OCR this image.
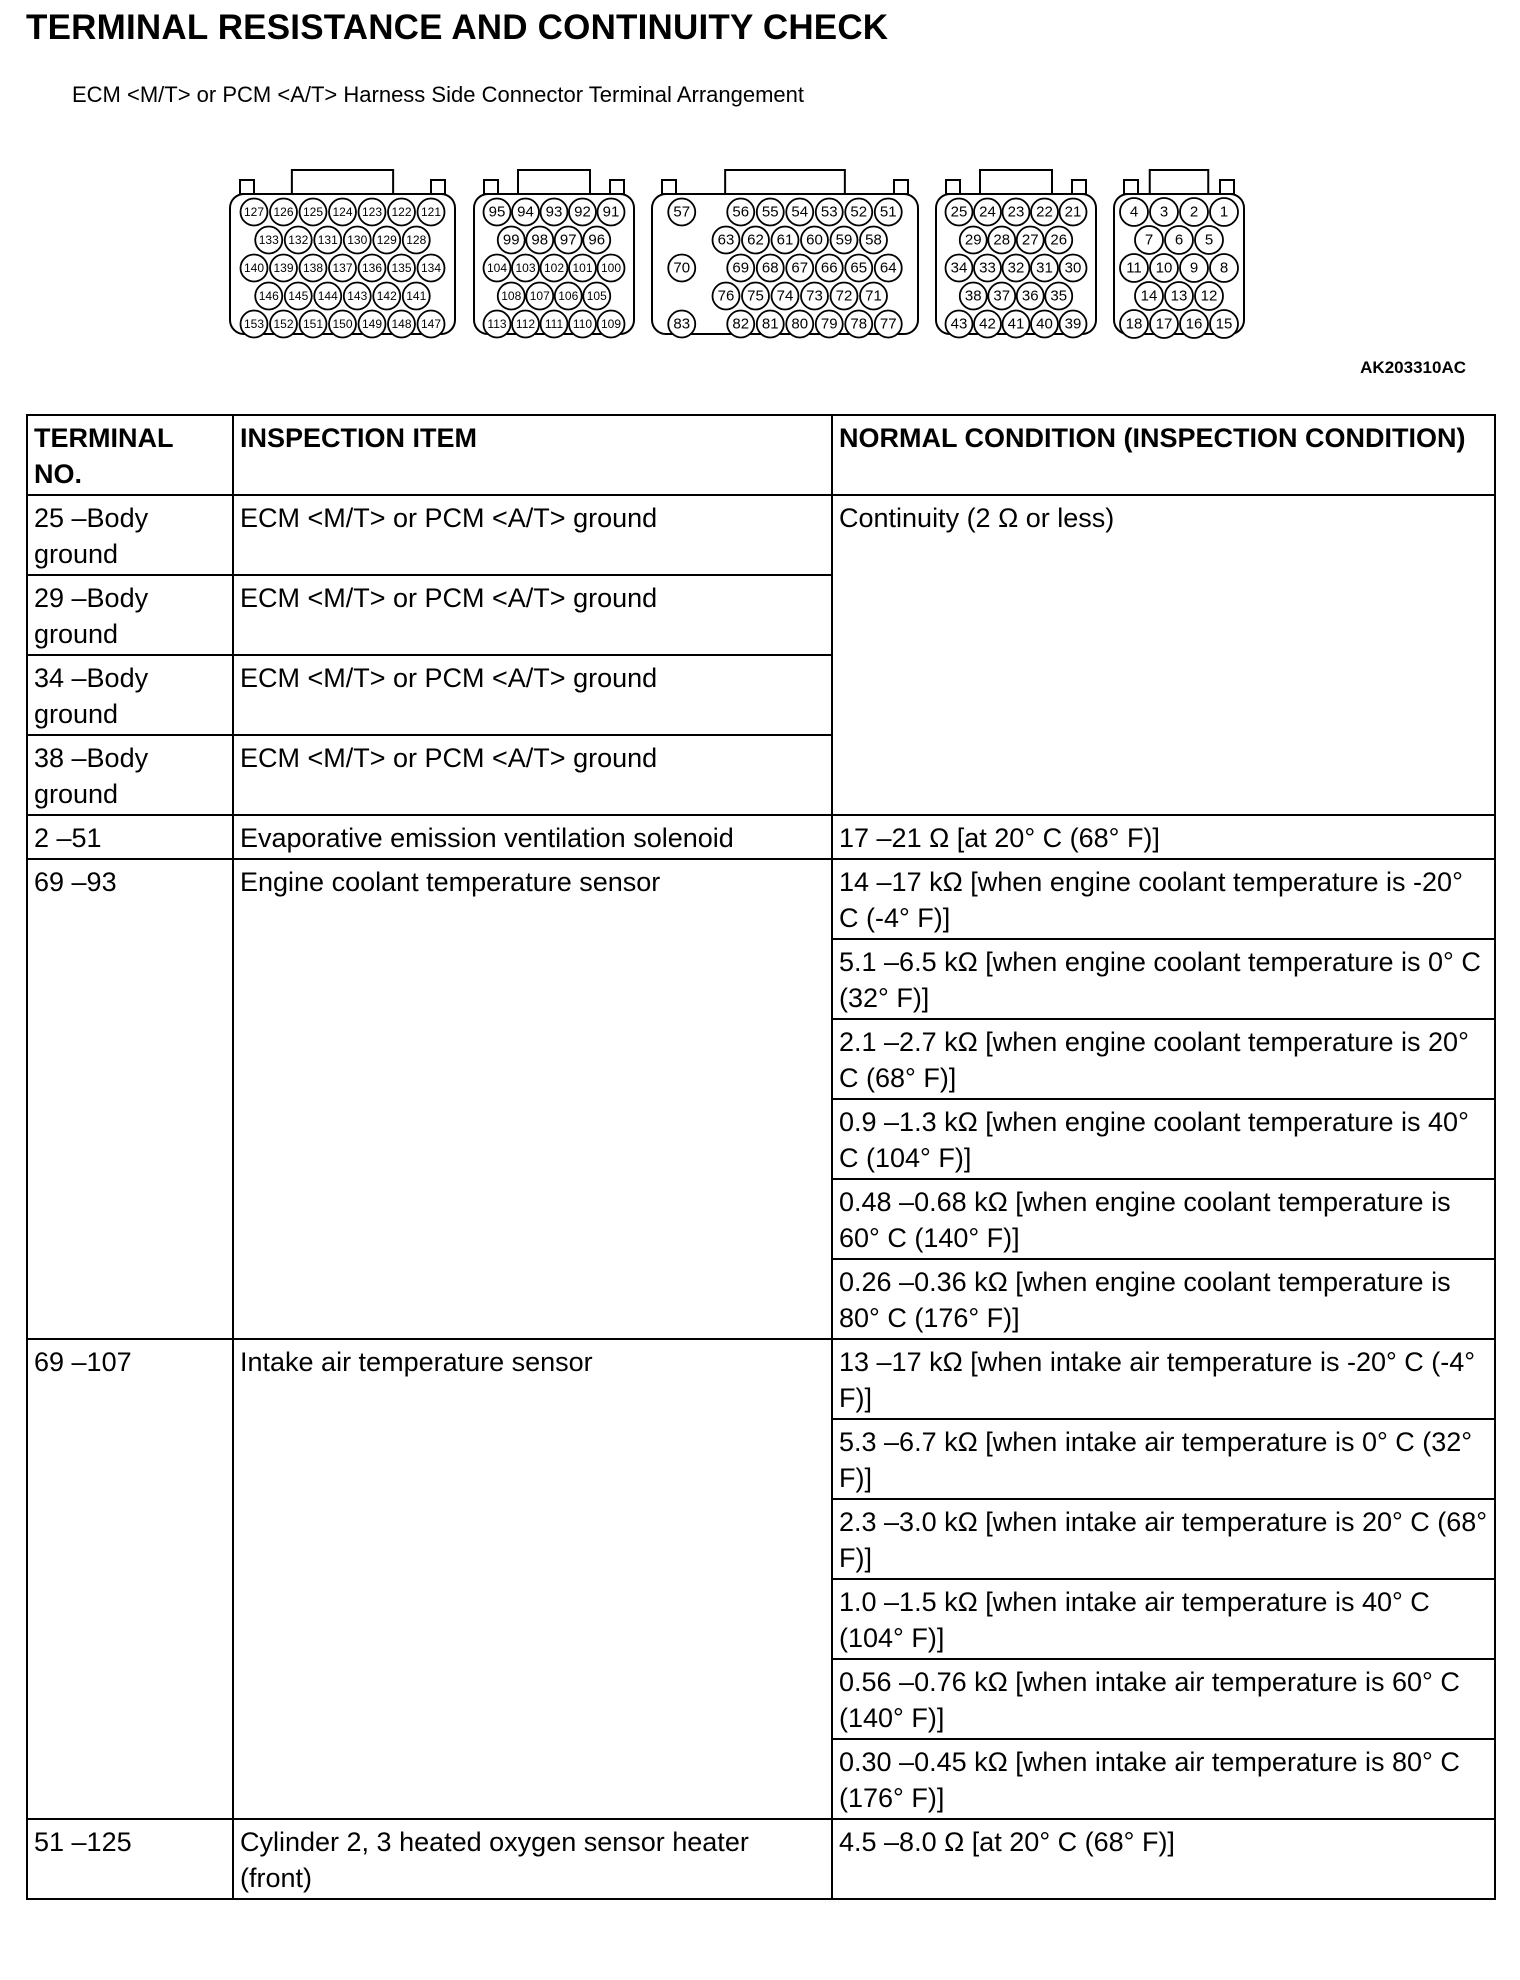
TERMINAL RESISTANCE AND CONTINUITY CHECK
ECM <M/T> or PCM <A/T> Harness Side Connector Terminal Arrangement
127 126 125 124 123 122 121
133 132 131 130 129 128
140 139 138 137 136 135 134
146 145 144 143 142 141
153 152 151 150 149 148 147
95 94 93 92 91
99 98 97 96
104 103 102 101 100
108 107 106 105
113 112 111 110 109
57	56 55 54 53 52 51
63 62 61 60 59 58
70	69 68 67 66 65 64
76 75 74 73 72 71
83	82 81 80 79 78 77
25 24 23 22 21
29 28 27 26
34 33 32 31 30
38 37 36 35
43 42 41 40 39
4 3 2 1
7 6 5
11 10 9 8
14 13 12
18 17 16 15
AK203310AC
TERMINAL NO.	INSPECTION ITEM	NORMAL CONDITION (INSPECTION CONDITION)
25 –Body ground	ECM <M/T> or PCM <A/T> ground	Continuity (2 Ω or less)
29 –Body ground	ECM <M/T> or PCM <A/T> ground	
34 –Body ground	ECM <M/T> or PCM <A/T> ground	
38 –Body ground	ECM <M/T> or PCM <A/T> ground	
2 –51	Evaporative emission ventilation solenoid	17 –21 Ω [at 20° C (68° F)]
69 –93	Engine coolant temperature sensor	14 –17 kΩ [when engine coolant temperature is -20° C (-4° F)]
		5.1 –6.5 kΩ [when engine coolant temperature is 0° C (32° F)]
		2.1 –2.7 kΩ [when engine coolant temperature is 20° C (68° F)]
		0.9 –1.3 kΩ [when engine coolant temperature is 40° C (104° F)]
		0.48 –0.68 kΩ [when engine coolant temperature is 60° C (140° F)]
		0.26 –0.36 kΩ [when engine coolant temperature is 80° C (176° F)]
69 –107	Intake air temperature sensor	13 –17 kΩ [when intake air temperature is -20° C (-4° F)]
		5.3 –6.7 kΩ [when intake air temperature is 0° C (32° F)]
		2.3 –3.0 kΩ [when intake air temperature is 20° C (68° F)]
		1.0 –1.5 kΩ [when intake air temperature is 40° C (104° F)]
		0.56 –0.76 kΩ [when intake air temperature is 60° C (140° F)]
		0.30 –0.45 kΩ [when intake air temperature is 80° C (176° F)]
51 –125	Cylinder 2, 3 heated oxygen sensor heater (front)	4.5 –8.0 Ω [at 20° C (68° F)]
